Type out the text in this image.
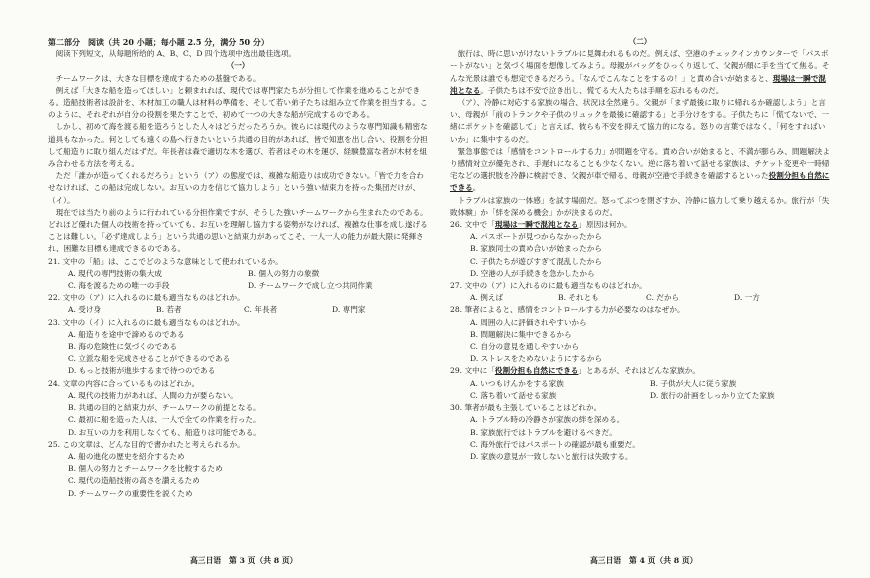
第二部分　阅读（共 20 小题；每小题 2.5 分，满分 50 分）

阅读下列短文，从每题所给的 A、B、C、D 四个选项中选出最佳选项。

（一）

チームワークは、大きな目標を達成するための基盤である。

例えば「大きな船を造ってほしい」と頼まれれば、現代では専門家たちが分担して作業を進めることができる。造船技術者は設計を、木材加工の職人は材料の準備を、そして若い弟子たちは組み立て作業を担当する。このように、それぞれが自分の役割を果たすことで、初めて一つの大きな船が完成するのである。

しかし、初めて海を渡る船を造ろうとした人々はどうだったろうか。彼らには現代のような専門知識も精密な道具もなかった。何としても遠くの島へ行きたいという共通の目的があれば、皆で知恵を出し合い、役割を分担して船造りに取り組んだはずだ。年長者は森で適切な木を選び、若者はその木を運び、経験豊富な者が木材を組み合わせる方法を考える。

ただ「誰かが造ってくれるだろう」という（ア）の態度では、複雑な船造りは成功できない。「皆で力を合わせなければ、この船は完成しない。お互いの力を信じて協力しよう」という強い結束力を持った集団だけが、（イ）。

現在では当たり前のように行われている分担作業ですが、そうした強いチームワークから生まれたのである。どれほど優れた個人の技術を持っていても、お互いを理解し協力する姿勢がなければ、複雑な仕事を成し遂げることは難しい。「必ず達成しよう」という共通の思いと結束力があってこそ、一人一人の能力が最大限に発揮され、困難な目標も達成できるのである。

21. 文中の「船」は、ここでどのような意味として使われているか。

A. 現代の専門技術の集大成	B. 個人の努力の象徴
C. 海を渡るための唯一の手段	D. チームワークで成し立つ共同作業

22. 文中の（ア）に入れるのに最も適当なものはどれか。

A. 受け身	B. 若者	C. 年長者	D. 専門家

23. 文中の（イ）に入れるのに最も適当なものはどれか。

A. 船造りを途中で諦めるのである

B. 海の危険性に気づくのである

C. 立派な船を完成させることができるのである

D. もっと技術が進歩するまで待つのである

24. 文章の内容に合っているものはどれか。

A. 現代の技術力があれば、人間の力が要らない。

B. 共通の目的と結束力が、チームワークの前提となる。

C. 最初に船を造った人は、一人で全ての作業を行った。

D. お互いの力を利用しなくても、船造りは可能である。

25. この文章は、どんな目的で書かれたと考えられるか。

A. 船の進化の歴史を紹介するため

B. 個人の努力とチームワークを比較するため

C. 現代の造船技術の高さを讃えるため

D. チームワークの重要性を説くため

（二）

旅行は、時に思いがけないトラブルに見舞われるものだ。例えば、空港のチェックインカウンターで「パスポートがない」と気づく場面を想像してみよう。母親がバッグをひっくり返して、父親が顔に手を当てて焦る。そんな光景は誰でも想定できるだろう。「なんでこんなことをするの！」と責め合いが始まると、現場は一瞬で混沌となる。子供たちは不安で泣き出し、慌てる大人たちは手順を忘れるものだ。

（ア）、冷静に対応する家族の場合、状況は全然違う。父親が「まず最後に取りに帰れるか確認しよう」と言い、母親が「前のトランクや子供のリュックを最後に確認する」と手分けをする。子供たちに「慌てないで、一緒にポケットを確認して」と言えば、彼らも不安を抑えて協力的になる。怒りの言葉ではなく、「何をすればいいか」に集中するのだ。

緊急事態では「感情をコントロールする力」が問題を守る。責め合いが始まると、不満が膨らみ、問題解決より感情対立が優先され、手遅れになることも少なくない。逆に落ち着いて話せる家族は、チケット変更や一時帰宅などの選択肢を冷静に検討でき、父親が車で帰る、母親が空港で手続きを確認するといった役割分担も自然にできる。

トラブルは家族の一体感」を試す場面だ。怒ってぶつを閉ざすか、冷静に協力して乗り越えるか。旅行が「失敗体験」か「絆を深める機会」かが決まるのだ。

26. 文中で「現場は一瞬で混沌となる」原因は何か。

A. パスポートが見つからなかったから

B. 家族同士の責め合いが始まったから

C. 子供たちが遊びすぎて混乱したから

D. 空港の人が手続きを急かしたから

27. 文中の（ア）に入れるのに最も適当なものはどれか。

A. 例えば	B. それとも	C. だから	D. 一方

28. 筆者によると、感情をコントロールする力が必要なのはなぜか。

A. 周囲の人に評価されやすいから

B. 問題解決に集中できるから

C. 自分の意見を通しやすいから

D. ストレスをためないようにするから

29. 文中に「役割分担も自然にできる」とあるが、それはどんな家族か。

A. いつもけんかをする家族	B. 子供が大人に従う家族
C. 落ち着いて話せる家族	D. 旅行の計画をしっかり立てた家族

30. 筆者が最も主張していることはどれか。

A. トラブル時の冷静さが家族の絆を深める。

B. 家族旅行ではトラブルを避けるべきだ。

C. 海外旅行ではパスポートの確認が最も重要だ。

D. 家族の意見が一致しないと旅行は失敗する。

高三日语　第 3 页（共 8 页）	高三日语　第 4 页（共 8 页）
